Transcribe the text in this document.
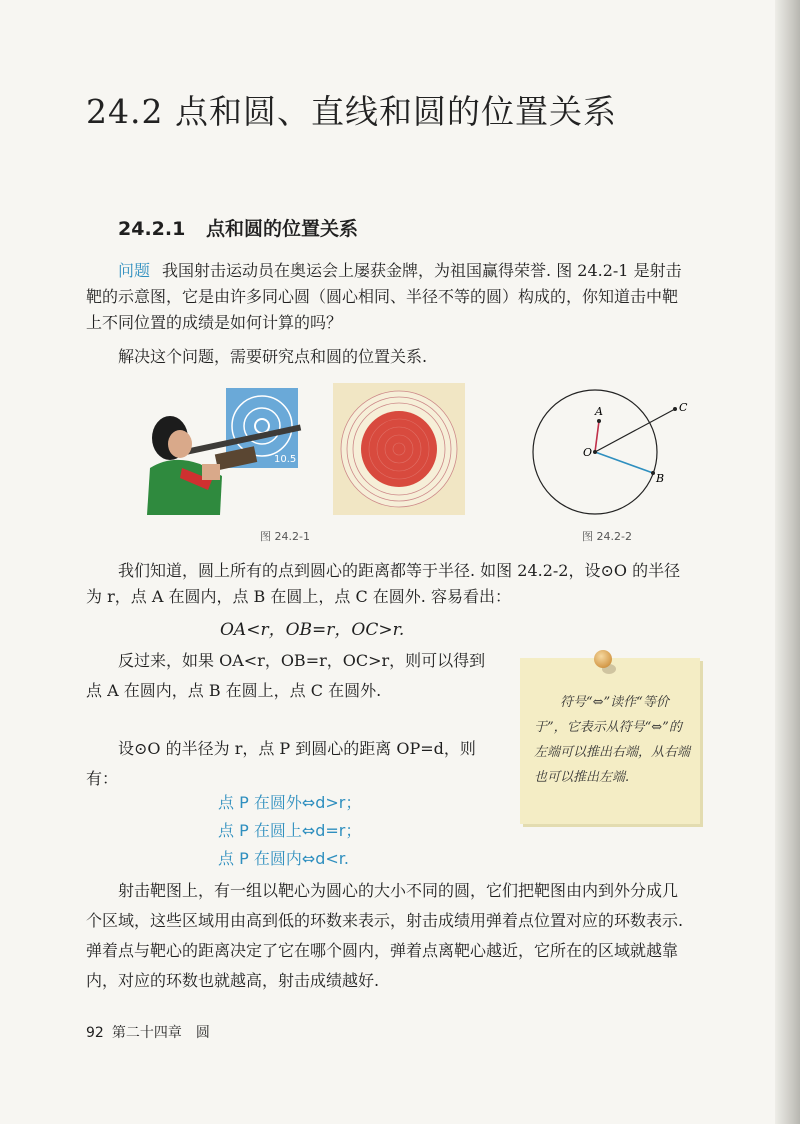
24.2 点和圆、直线和圆的位置关系
24.2.1 点和圆的位置关系
问题 我国射击运动员在奥运会上屡获金牌，为祖国赢得荣誉. 图 24.2-1 是射击靶的示意图，它是由许多同心圆（圆心相同、半径不等的圆）构成的，你知道击中靶上不同位置的成绩是如何计算的吗？
解决这个问题，需要研究点和圆的位置关系.
10.5
图 24.2-1
A
B
C
O
图 24.2-2
我们知道，圆上所有的点到圆心的距离都等于半径. 如图 24.2-2，设⊙O 的半径为 r，点 A 在圆内，点 B 在圆上，点 C 在圆外. 容易看出：
OA<r，OB=r，OC>r.
反过来，如果 OA<r，OB=r，OC>r，则可以得到点 A 在圆内，点 B 在圆上，点 C 在圆外.
设⊙O 的半径为 r，点 P 到圆心的距离 OP=d，则有：
点 P 在圆外⇔d>r；
点 P 在圆上⇔d=r；
点 P 在圆内⇔d<r.
符号“⇔”读作“等价于”，它表示从符号“⇔”的左端可以推出右端，从右端也可以推出左端.
射击靶图上，有一组以靶心为圆心的大小不同的圆，它们把靶图由内到外分成几个区域，这些区域用由高到低的环数来表示，射击成绩用弹着点位置对应的环数表示. 弹着点与靶心的距离决定了它在哪个圆内，弹着点离靶心越近，它所在的区域就越靠内，对应的环数也就越高，射击成绩越好.
92 第二十四章　圆
